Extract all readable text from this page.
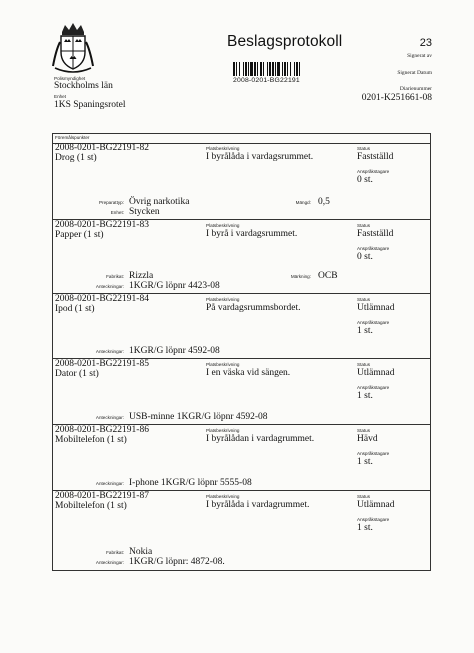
Polismyndighet
Stockholms län
Enhet
1KS Spaningsrotel
Beslagsprotokoll
2008-0201-BG22191
23
Signerat av
Signerat Datum
Diarienummer
0201-K251661-08
Föremålspunkter
2008-0201-BG22191-82
Drog (1 st)
Platsbeskrivning
I byrålåda i vardagsrummet.
Status
Fastställd
Anspråkstagare
0 st.
Preparattyp: Övrig narkotika
Enhet: Stycken
Mängd: 0,5
2008-0201-BG22191-83
Papper (1 st)
Platsbeskrivning
I byrå i vardagsrummet.
Status
Fastställd
Anspråkstagare
0 st.
Fabrikat: Rizzla
Anteckningar: 1KGR/G löpnr 4423-08
Märkning: OCB
2008-0201-BG22191-84
Ipod (1 st)
Platsbeskrivning
På vardagsrummsbordet.
Status
Utlämnad
Anspråkstagare
1 st.
Anteckningar: 1KGR/G löpnr 4592-08
2008-0201-BG22191-85
Dator (1 st)
Platsbeskrivning
I en väska vid sängen.
Status
Utlämnad
Anspråkstagare
1 st.
Anteckningar: USB-minne 1KGR/G löpnr 4592-08
2008-0201-BG22191-86
Mobiltelefon (1 st)
Platsbeskrivning
I byrålådan i vardagrummet.
Status
Hävd
Anspråkstagare
1 st.
Anteckningar: I-phone 1KGR/G löpnr 5555-08
2008-0201-BG22191-87
Mobiltelefon (1 st)
Platsbeskrivning
I byrålåda i vardagrummet.
Status
Utlämnad
Anspråkstagare
1 st.
Fabrikat: Nokia
Anteckningar: 1KGR/G löpnr: 4872-08.
